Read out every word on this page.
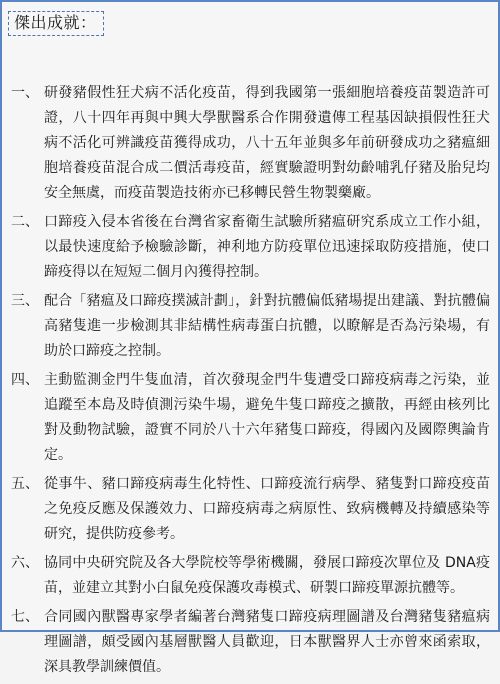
傑出成就：
一、 研發豬假性狂犬病不活化疫苗，得到我國第一張細胞培養疫苗製造許可證，八十四年再與中興大學獸醫系合作開發遺傳工程基因缺損假性狂犬病不活化可辨識疫苗獲得成功，八十五年並與多年前研發成功之豬瘟細胞培養疫苗混合成二價活毒疫苗，經實驗證明對幼齡哺乳仔豬及胎兒均安全無虞，而疫苗製造技術亦已移轉民營生物製藥廠。
二、 口蹄疫入侵本省後在台灣省家畜衛生試驗所豬瘟研究系成立工作小組，以最快速度給予檢驗診斷，神利地方防疫單位迅速採取防疫措施，使口蹄疫得以在短短二個月內獲得控制。
三、 配合「豬瘟及口蹄疫撲滅計劃」，針對抗體偏低豬場提出建議、對抗體偏高豬隻進一步檢測其非結構性病毒蛋白抗體，以瞭解是否為污染場，有助於口蹄疫之控制。
四、 主動監測金門牛隻血清，首次發現金門牛隻遭受口蹄疫病毒之污染，並追蹤至本島及時偵測污染牛場，避免牛隻口蹄疫之擴散，再經由核列比對及動物試驗，證實不同於八十六年豬隻口蹄疫，得國內及國際輿論肯定。
五、 從事牛、豬口蹄疫病毒生化特性、口蹄疫流行病學、豬隻對口蹄疫疫苗之免疫反應及保護效力、口蹄疫病毒之病原性、致病機轉及持續感染等研究，提供防疫參考。
六、 協同中央研究院及各大學院校等學術機關，發展口蹄疫次單位及 DNA疫苗，並建立其對小白鼠免疫保護攻毒模式、研製口蹄疫單源抗體等。
七、 合同國內獸醫專家學者編著台灣豬隻口蹄疫病理圖譜及台灣豬隻豬瘟病理圖譜，頗受國內基層獸醫人員歡迎，日本獸醫界人士亦曾來函索取，深具教學訓練價值。
